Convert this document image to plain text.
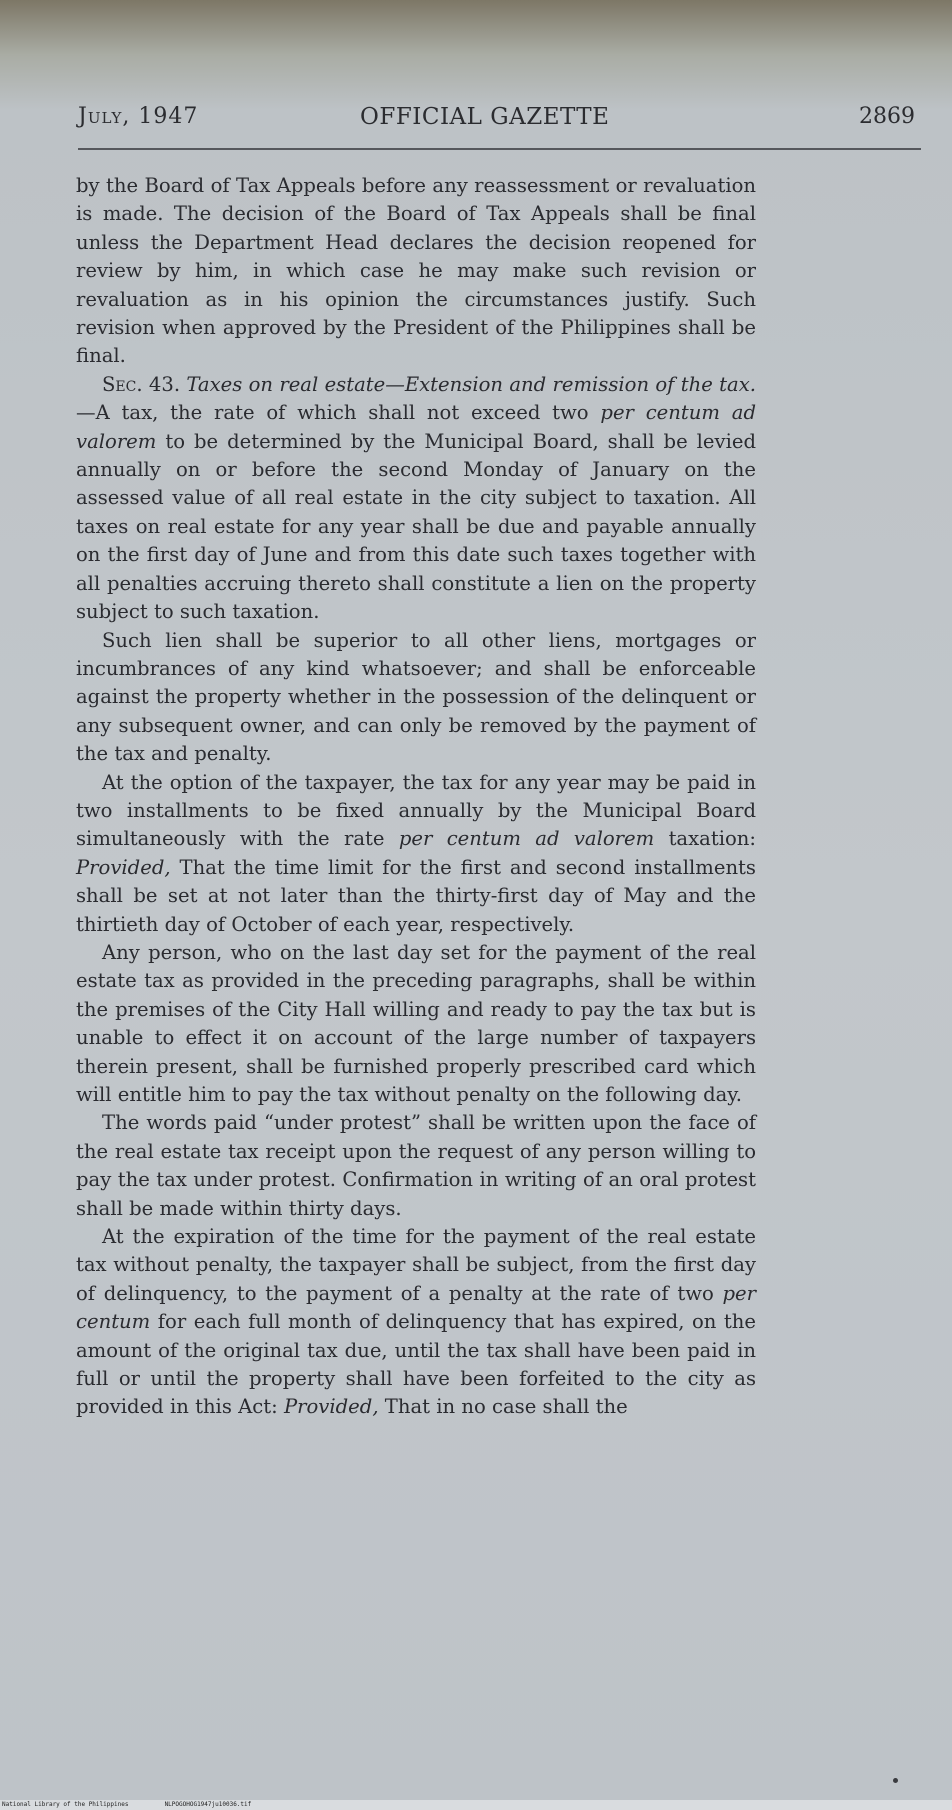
July, 1947	OFFICIAL GAZETTE	2869

by the Board of Tax Appeals before any reassessment or revaluation is made. The decision of the Board of Tax Appeals shall be final unless the Department Head declares the decision reopened for review by him, in which case he may make such revision or revaluation as in his opinion the circumstances justify. Such revision when approved by the President of the Philippines shall be final.

Sec. 43. Taxes on real estate—Extension and remission of the tax.—A tax, the rate of which shall not exceed two per centum ad valorem to be determined by the Municipal Board, shall be levied annually on or before the second Monday of January on the assessed value of all real estate in the city subject to taxation. All taxes on real estate for any year shall be due and payable annually on the first day of June and from this date such taxes together with all penalties accruing thereto shall constitute a lien on the property subject to such taxation.

Such lien shall be superior to all other liens, mortgages or incumbrances of any kind whatsoever; and shall be enforceable against the property whether in the possession of the delinquent or any subsequent owner, and can only be removed by the payment of the tax and penalty.

At the option of the taxpayer, the tax for any year may be paid in two installments to be fixed annually by the Municipal Board simultaneously with the rate per centum ad valorem taxation: Provided, That the time limit for the first and second installments shall be set at not later than the thirty-first day of May and the thirtieth day of October of each year, respectively.

Any person, who on the last day set for the payment of the real estate tax as provided in the preceding paragraphs, shall be within the premises of the City Hall willing and ready to pay the tax but is unable to effect it on account of the large number of taxpayers therein present, shall be furnished properly prescribed card which will entitle him to pay the tax without penalty on the following day.

The words paid “under protest” shall be written upon the face of the real estate tax receipt upon the request of any person willing to pay the tax under protest. Confirmation in writing of an oral protest shall be made within thirty days.

At the expiration of the time for the payment of the real estate tax without penalty, the taxpayer shall be subject, from the first day of delinquency, to the payment of a penalty at the rate of two per centum for each full month of delinquency that has expired, on the amount of the original tax due, until the tax shall have been paid in full or until the property shall have been forfeited to the city as provided in this Act: Provided, That in no case shall the

National Library of the Philippines	NLPOGOHOG1947ju10036.tif
